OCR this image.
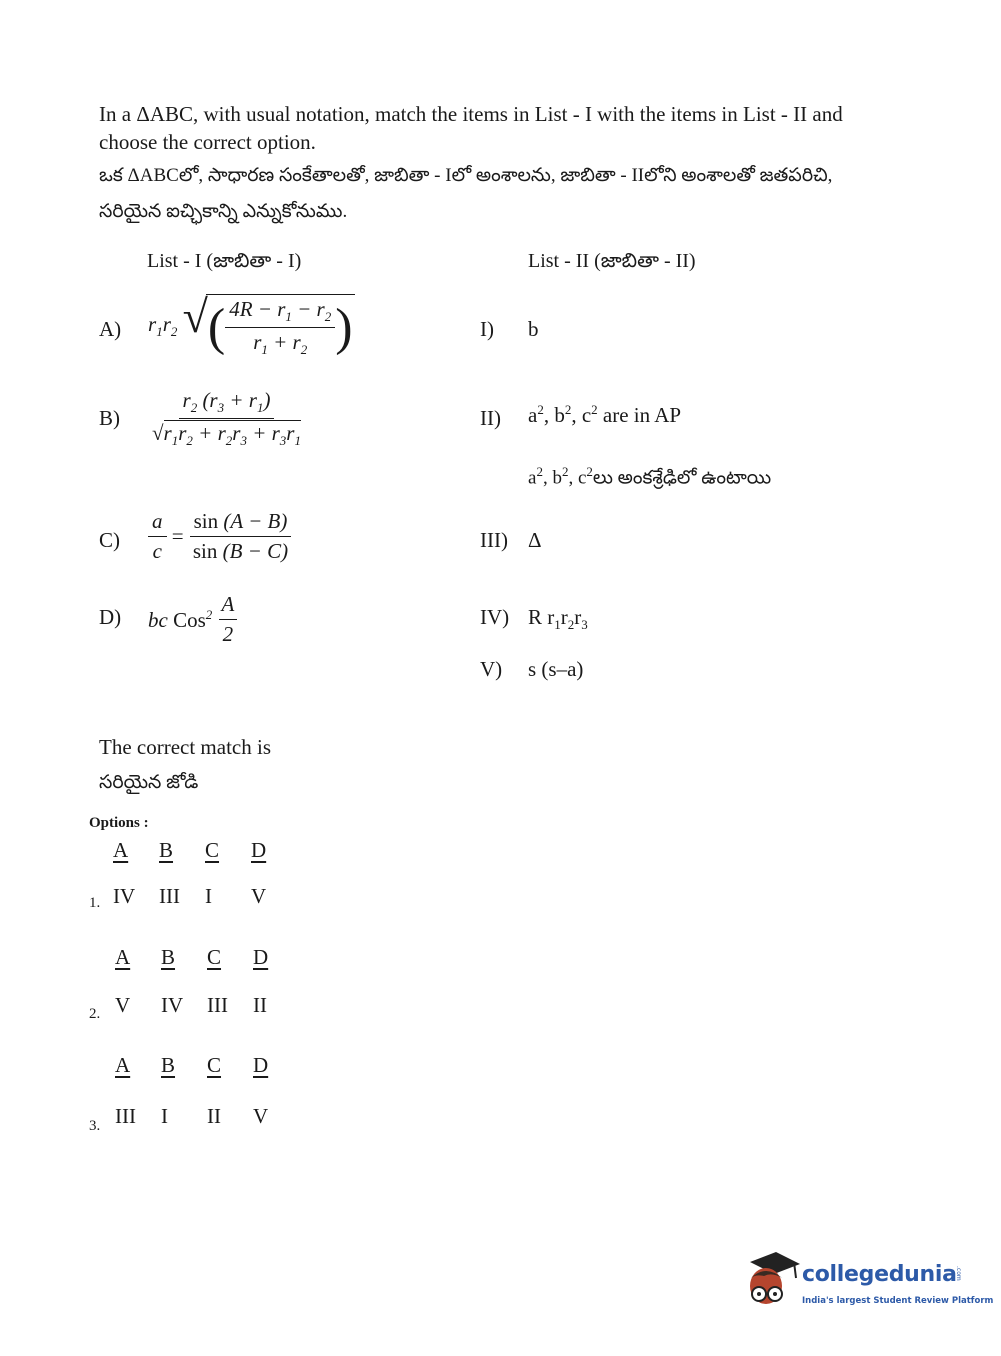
In a ΔABC, with usual notation, match the items in List - I with the items in List - II and choose the correct option.
ఒక ΔABCలో, సాధారణ సంకేతాలతో, జాబితా - Iలో అంశాలను, జాబితా - IIలోని అంశాలతో జతపరిచి, సరియైన ఐచ్ఛికాన్ని ఎన్నుకోనుము.
List - I (జాబితా - I)	List - II (జాబితా - II)
A) $r_1r_2$ √ ( $\frac{4R - r_1 - r_2}{r_1 + r_2}$ )
$B) \frac{r_2 (r_3 + r_1)}{√r_1r_2 + r_2r_3 + r_3r_1}$
$C) \frac{a}{c} = \frac{\sin (A - B)}{\sin (B - C)}$
D) bc $Cos^2 \frac{A}{2}$
I) b
II) $a^2$, $b^2$, $c^2$ are in AP
$a^2$, $b^2$, $c^2లు$ అంకశ్రేఢిలో ఉంటాయి
III) Δ
IV) R $r_1r_2r_3$
V) s (s–a)
The correct match is
సరియైన జోడి
Options :
A	B	C	D
1. IV	III	I	V
A	B	C	D
2. V	IV	III	II
A	B	C	D
3. III	I	II	V
collegedunia
.com
India's largest Student Review Platform
